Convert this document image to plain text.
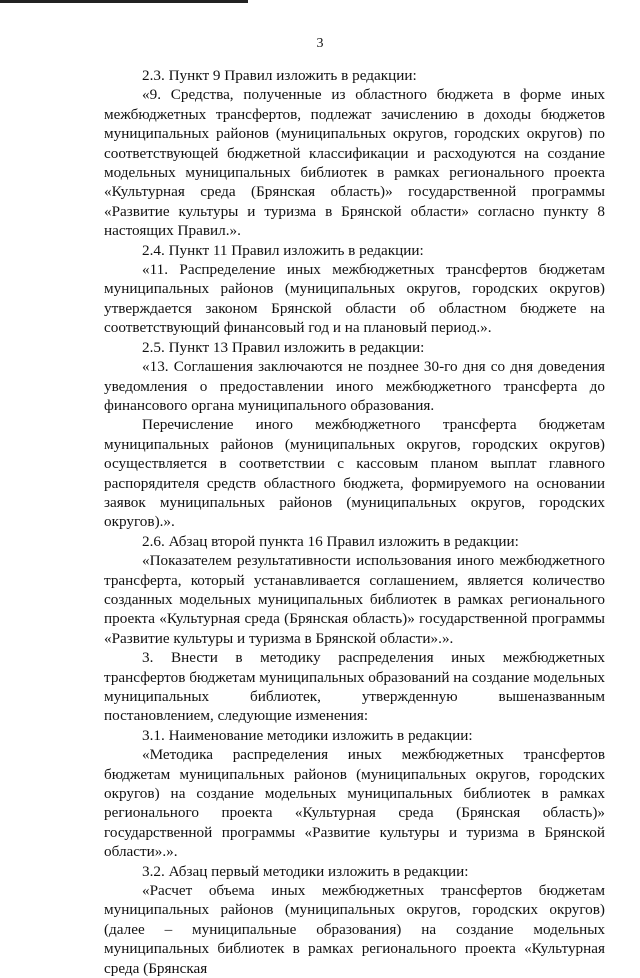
3

2.3. Пункт 9 Правил изложить в редакции:

«9. Средства, полученные из областного бюджета в форме иных межбюджетных трансфертов, подлежат зачислению в доходы бюджетов муниципальных районов (муниципальных округов, городских округов) по соответствующей бюджетной классификации и расходуются на создание модельных муниципальных библиотек в рамках регионального проекта «Культурная среда (Брянская область)» государственной программы «Развитие культуры и туризма в Брянской области» согласно пункту 8 настоящих Правил.».

2.4. Пункт 11 Правил изложить в редакции:

«11. Распределение иных межбюджетных трансфертов бюджетам муниципальных районов (муниципальных округов, городских округов) утверждается законом Брянской области об областном бюджете на соответствующий финансовый год и на плановый период.».

2.5. Пункт 13 Правил изложить в редакции:

«13. Соглашения заключаются не позднее 30-го дня со дня доведения уведомления о предоставлении иного межбюджетного трансферта до финансового органа муниципального образования.

Перечисление иного межбюджетного трансферта бюджетам муниципальных районов (муниципальных округов, городских округов) осуществляется в соответствии с кассовым планом выплат главного распорядителя средств областного бюджета, формируемого на основании заявок муниципальных районов (муниципальных округов, городских округов).».

2.6. Абзац второй пункта 16 Правил изложить в редакции:

«Показателем результативности использования иного межбюджетного трансферта, который устанавливается соглашением, является количество созданных модельных муниципальных библиотек в рамках регионального проекта «Культурная среда (Брянская область)» государственной программы «Развитие культуры и туризма в Брянской области».».

3. Внести в методику распределения иных межбюджетных трансфертов бюджетам муниципальных образований на создание модельных муниципальных библиотек, утвержденную вышеназванным постановлением, следующие изменения:

3.1. Наименование методики изложить в редакции:

«Методика распределения иных межбюджетных трансфертов бюджетам муниципальных районов (муниципальных округов, городских округов) на создание модельных муниципальных библиотек в рамках регионального проекта «Культурная среда (Брянская область)» государственной программы «Развитие культуры и туризма в Брянской области».».

3.2. Абзац первый методики изложить в редакции:

«Расчет объема иных межбюджетных трансфертов бюджетам муниципальных районов (муниципальных округов, городских округов) (далее – муниципальные образования) на создание модельных муниципальных библиотек в рамках регионального проекта «Культурная среда (Брянская
